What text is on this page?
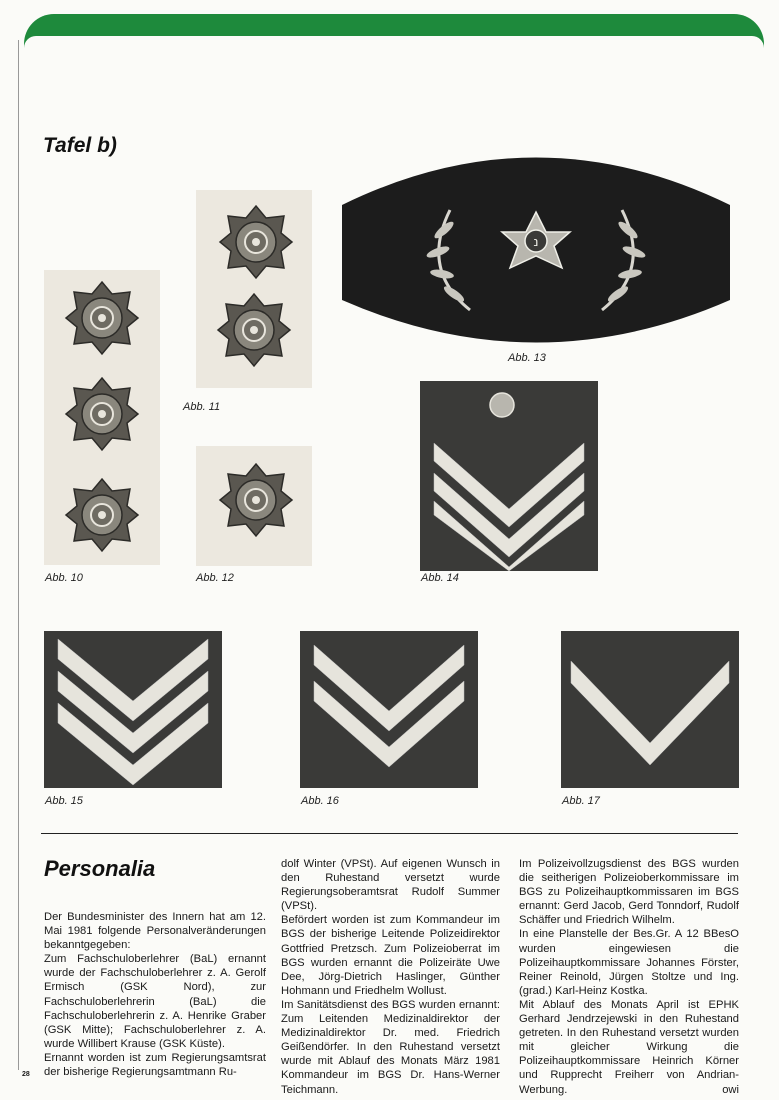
Tafel b)
Abb. 10
Abb. 11
Abb. 12
נ
Abb. 13
Abb. 14
Abb. 15	Abb. 16	Abb. 17
Personalia

Der Bundesminister des Innern hat am 12. Mai 1981 folgende Personalveränderungen bekanntgegeben:

Zum Fachschuloberlehrer (BaL) ernannt wurde der Fachschuloberlehrer z. A. Gerolf Ermisch (GSK Nord), zur Fachschuloberlehrerin (BaL) die Fachschuloberlehrerin z. A. Henrike Graber (GSK Mitte); Fachschuloberlehrer z. A. wurde Willibert Krause (GSK Küste).

Ernannt worden ist zum Regierungsamtsrat der bisherige Regierungsamtmann Ru-

dolf Winter (VPSt). Auf eigenen Wunsch in den Ruhestand versetzt wurde Regierungsoberamtsrat Rudolf Summer (VPSt).

Befördert worden ist zum Kommandeur im BGS der bisherige Leitende Polizeidirektor Gottfried Pretzsch. Zum Polizeioberrat im BGS wurden ernannt die Polizeiräte Uwe Dee, Jörg-Dietrich Haslinger, Günther Hohmann und Friedhelm Wollust.

Im Sanitätsdienst des BGS wurden ernannt: Zum Leitenden Medizinaldirektor der Medizinaldirektor Dr. med. Friedrich Geißendörfer. In den Ruhestand versetzt wurde mit Ablauf des Monats März 1981 Kommandeur im BGS Dr. Hans-Werner Teichmann.

Im Polizeivollzugsdienst des BGS wurden die seitherigen Polizeioberkommissare im BGS zu Polizeihauptkommissaren im BGS ernannt: Gerd Jacob, Gerd Tonndorf, Rudolf Schäffer und Friedrich Wilhelm.

In eine Planstelle der Bes.Gr. A 12 BBesO wurden eingewiesen die Polizeihauptkommissare Johannes Förster, Reiner Reinold, Jürgen Stoltze und Ing. (grad.) Karl-Heinz Kostka.

Mit Ablauf des Monats April ist EPHK Gerhard Jendrzejewski in den Ruhestand getreten. In den Ruhestand versetzt wurden mit gleicher Wirkung die Polizeihauptkommissare Heinrich Körner und Rupprecht Freiherr von Andrian-Werbung.	owi

28
